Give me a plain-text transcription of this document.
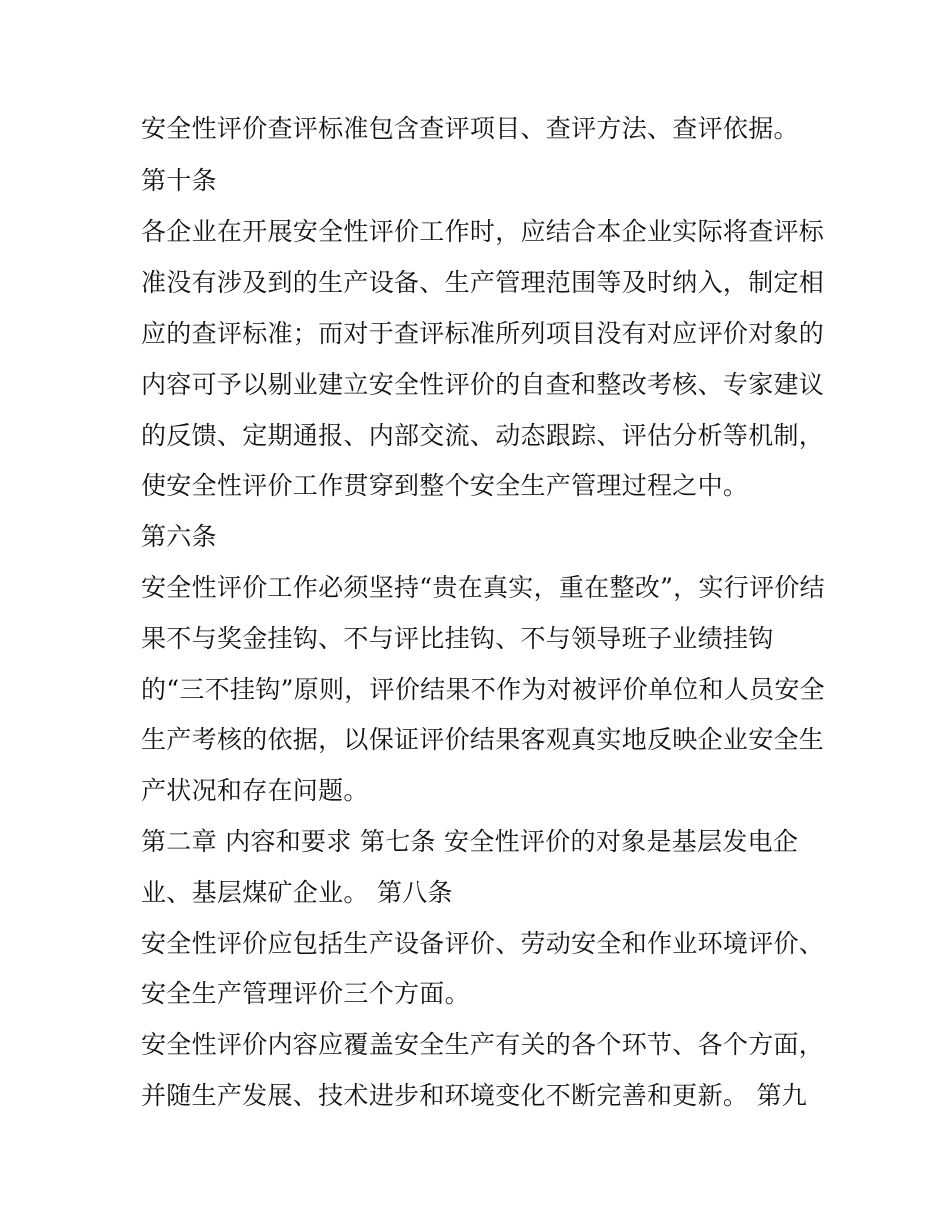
安全性评价查评标准包含查评项目、查评方法、查评依据。
第十条
各企业在开展安全性评价工作时，应结合本企业实际将查评标
准没有涉及到的生产设备、生产管理范围等及时纳入，制定相
应的查评标准；而对于查评标准所列项目没有对应评价对象的
内容可予以剔业建立安全性评价的自查和整改考核、专家建议
的反馈、定期通报、内部交流、动态跟踪、评估分析等机制，
使安全性评价工作贯穿到整个安全生产管理过程之中。
第六条
安全性评价工作必须坚持“贵在真实，重在整改”，实行评价结
果不与奖金挂钩、不与评比挂钩、不与领导班子业绩挂钩
的“三不挂钩”原则，评价结果不作为对被评价单位和人员安全
生产考核的依据，以保证评价结果客观真实地反映企业安全生
产状况和存在问题。
第二章 内容和要求 第七条 安全性评价的对象是基层发电企
业、基层煤矿企业。 第八条
安全性评价应包括生产设备评价、劳动安全和作业环境评价、
安全生产管理评价三个方面。
安全性评价内容应覆盖安全生产有关的各个环节、各个方面，
并随生产发展、技术进步和环境变化不断完善和更新。 第九
